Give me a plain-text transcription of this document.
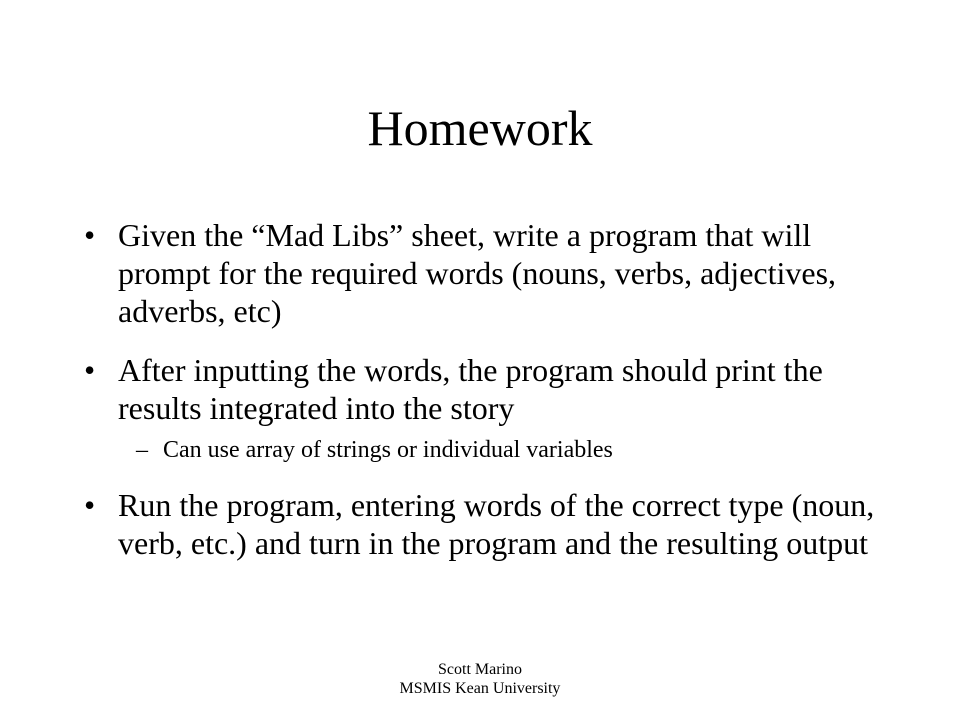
Homework
• Given the “Mad Libs” sheet, write a program that will prompt for the required words (nouns, verbs, adjectives, adverbs, etc)
• After inputting the words, the program should print the results integrated into the story
– Can use array of strings or individual variables
• Run the program, entering words of the correct type (noun, verb, etc.) and turn in the program and the resulting output
Scott Marino
MSMIS Kean University
